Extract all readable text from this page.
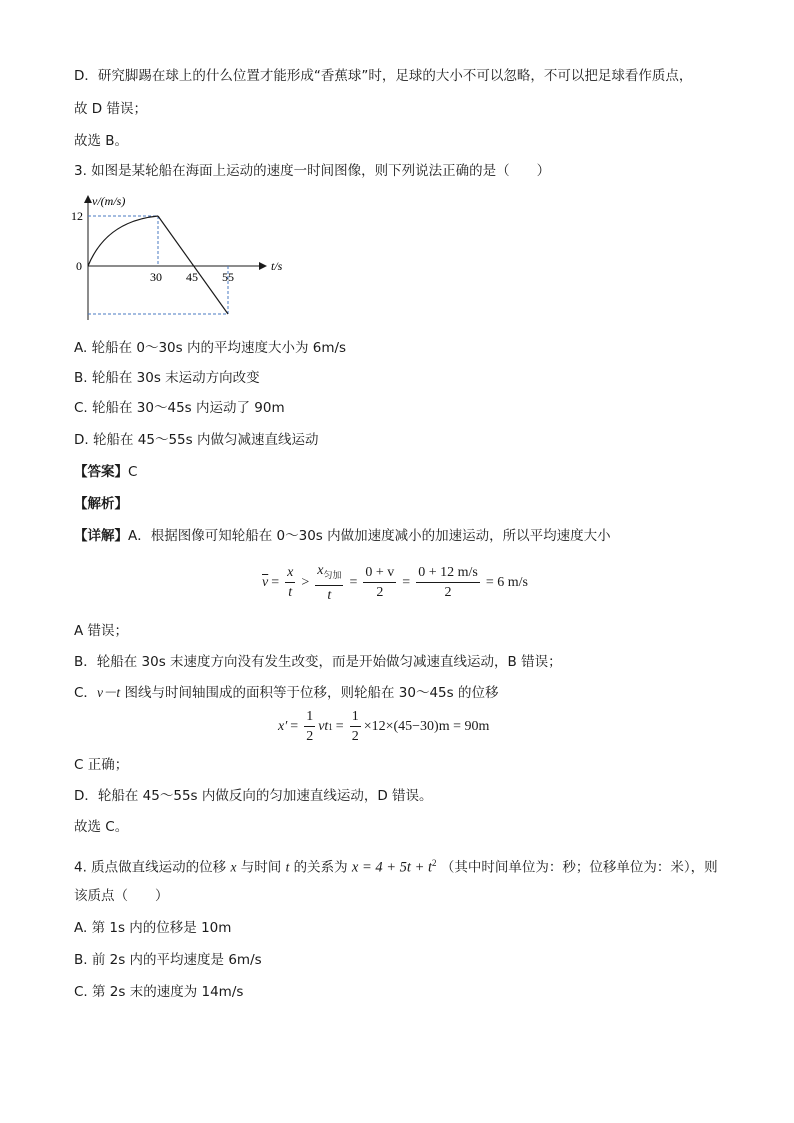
D．研究脚踢在球上的什么位置才能形成“香蕉球”时，足球的大小不可以忽略，不可以把足球看作质点，
故 D 错误；
故选 B。
3. 如图是某轮船在海面上运动的速度一时间图像，则下列说法正确的是（　　）
v/(m/s)
12
0
30 45 55
t/s
A. 轮船在 0～30s 内的平均速度大小为 6m/s
B. 轮船在 30s 末运动方向改变
C. 轮船在 30～45s 内运动了 90m
D. 轮船在 45～55s 内做匀减速直线运动
【答案】C
【解析】
【详解】A．根据图像可知轮船在 0～30s 内做加速度减小的加速运动，所以平均速度大小
$\overline{v} = \frac{x}{t} > \frac{x_{匀加}}{t} = \frac{0 + v}{2} = \frac{0 + 12 m/s}{2} = 6$ m/s
A 错误；
B．轮船在 30s 末速度方向没有发生改变，而是开始做匀减速直线运动，B 错误；
C．v－t 图线与时间轴围成的面积等于位移，则轮船在 30～45s 的位移
$x' = \frac{1}{2}$ vt $1 = \frac{1}{2} \times 12\times(45-30)m = 90m$
C 正确；
D．轮船在 45～55s 内做反向的匀加速直线运动，D 错误。
故选 C。
4. 质点做直线运动的位移 x 与时间 t 的关系为 $x = 4 + 5t + t^2$ （其中时间单位为：秒；位移单位为：米），则
该质点（　　）
A. 第 1s 内的位移是 10m
B. 前 2s 内的平均速度是 6m/s
C. 第 2s 末的速度为 14m/s
